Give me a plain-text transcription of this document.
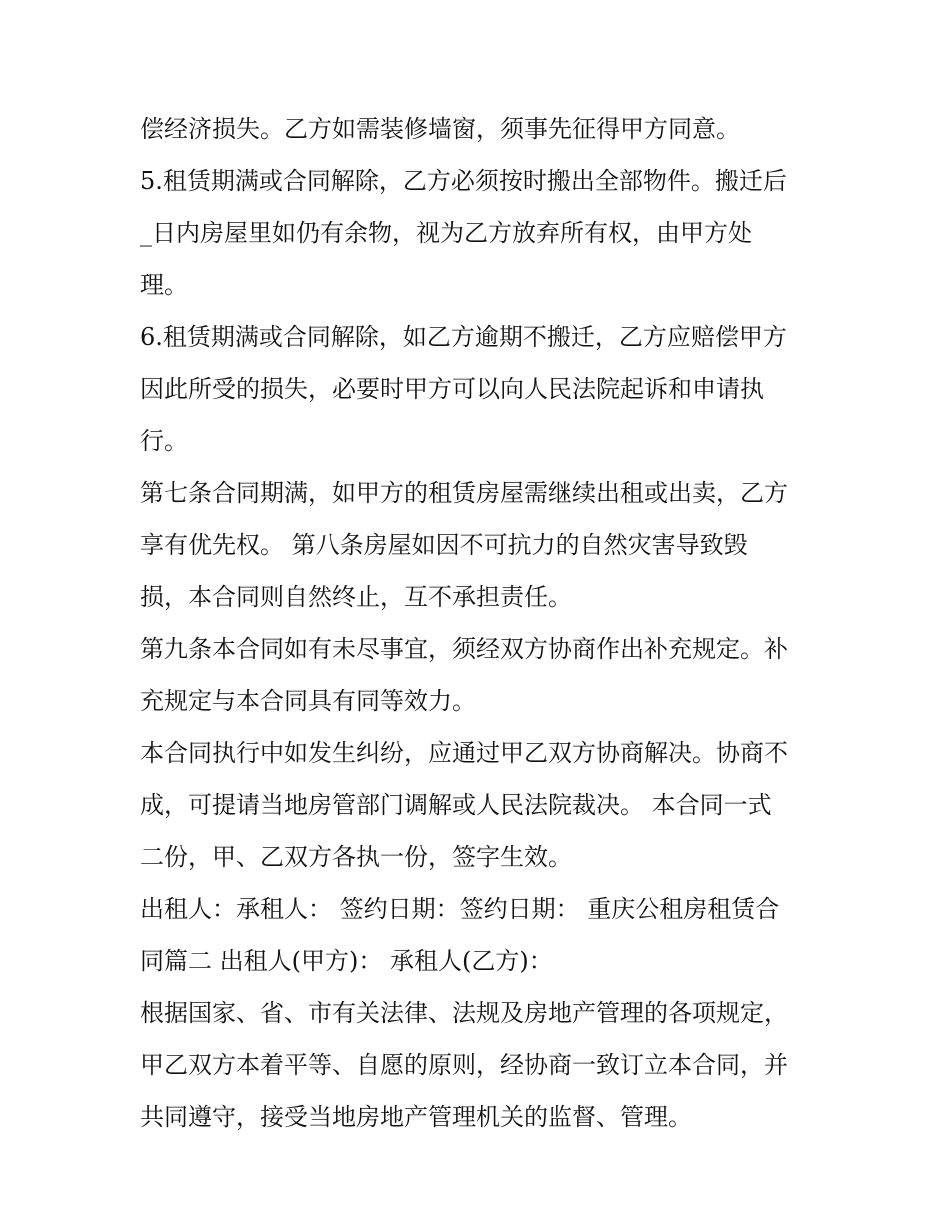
偿经济损失。乙方如需装修墙窗，须事先征得甲方同意。
5.租赁期满或合同解除，乙方必须按时搬出全部物件。搬迁后
_日内房屋里如仍有余物，视为乙方放弃所有权，由甲方处
理。
6.租赁期满或合同解除，如乙方逾期不搬迁，乙方应赔偿甲方
因此所受的损失，必要时甲方可以向人民法院起诉和申请执
行。
第七条合同期满，如甲方的租赁房屋需继续出租或出卖，乙方
享有优先权。 第八条房屋如因不可抗力的自然灾害导致毁
损，本合同则自然终止，互不承担责任。
第九条本合同如有未尽事宜，须经双方协商作出补充规定。补
充规定与本合同具有同等效力。
本合同执行中如发生纠纷，应通过甲乙双方协商解决。协商不
成，可提请当地房管部门调解或人民法院裁决。 本合同一式
二份，甲、乙双方各执一份，签字生效。
出租人：承租人： 签约日期：签约日期： 重庆公租房租赁合
同篇二 出租人(甲方)： 承租人(乙方)：
根据国家、省、市有关法律、法规及房地产管理的各项规定，
甲乙双方本着平等、自愿的原则，经协商一致订立本合同，并
共同遵守，接受当地房地产管理机关的监督、管理。
